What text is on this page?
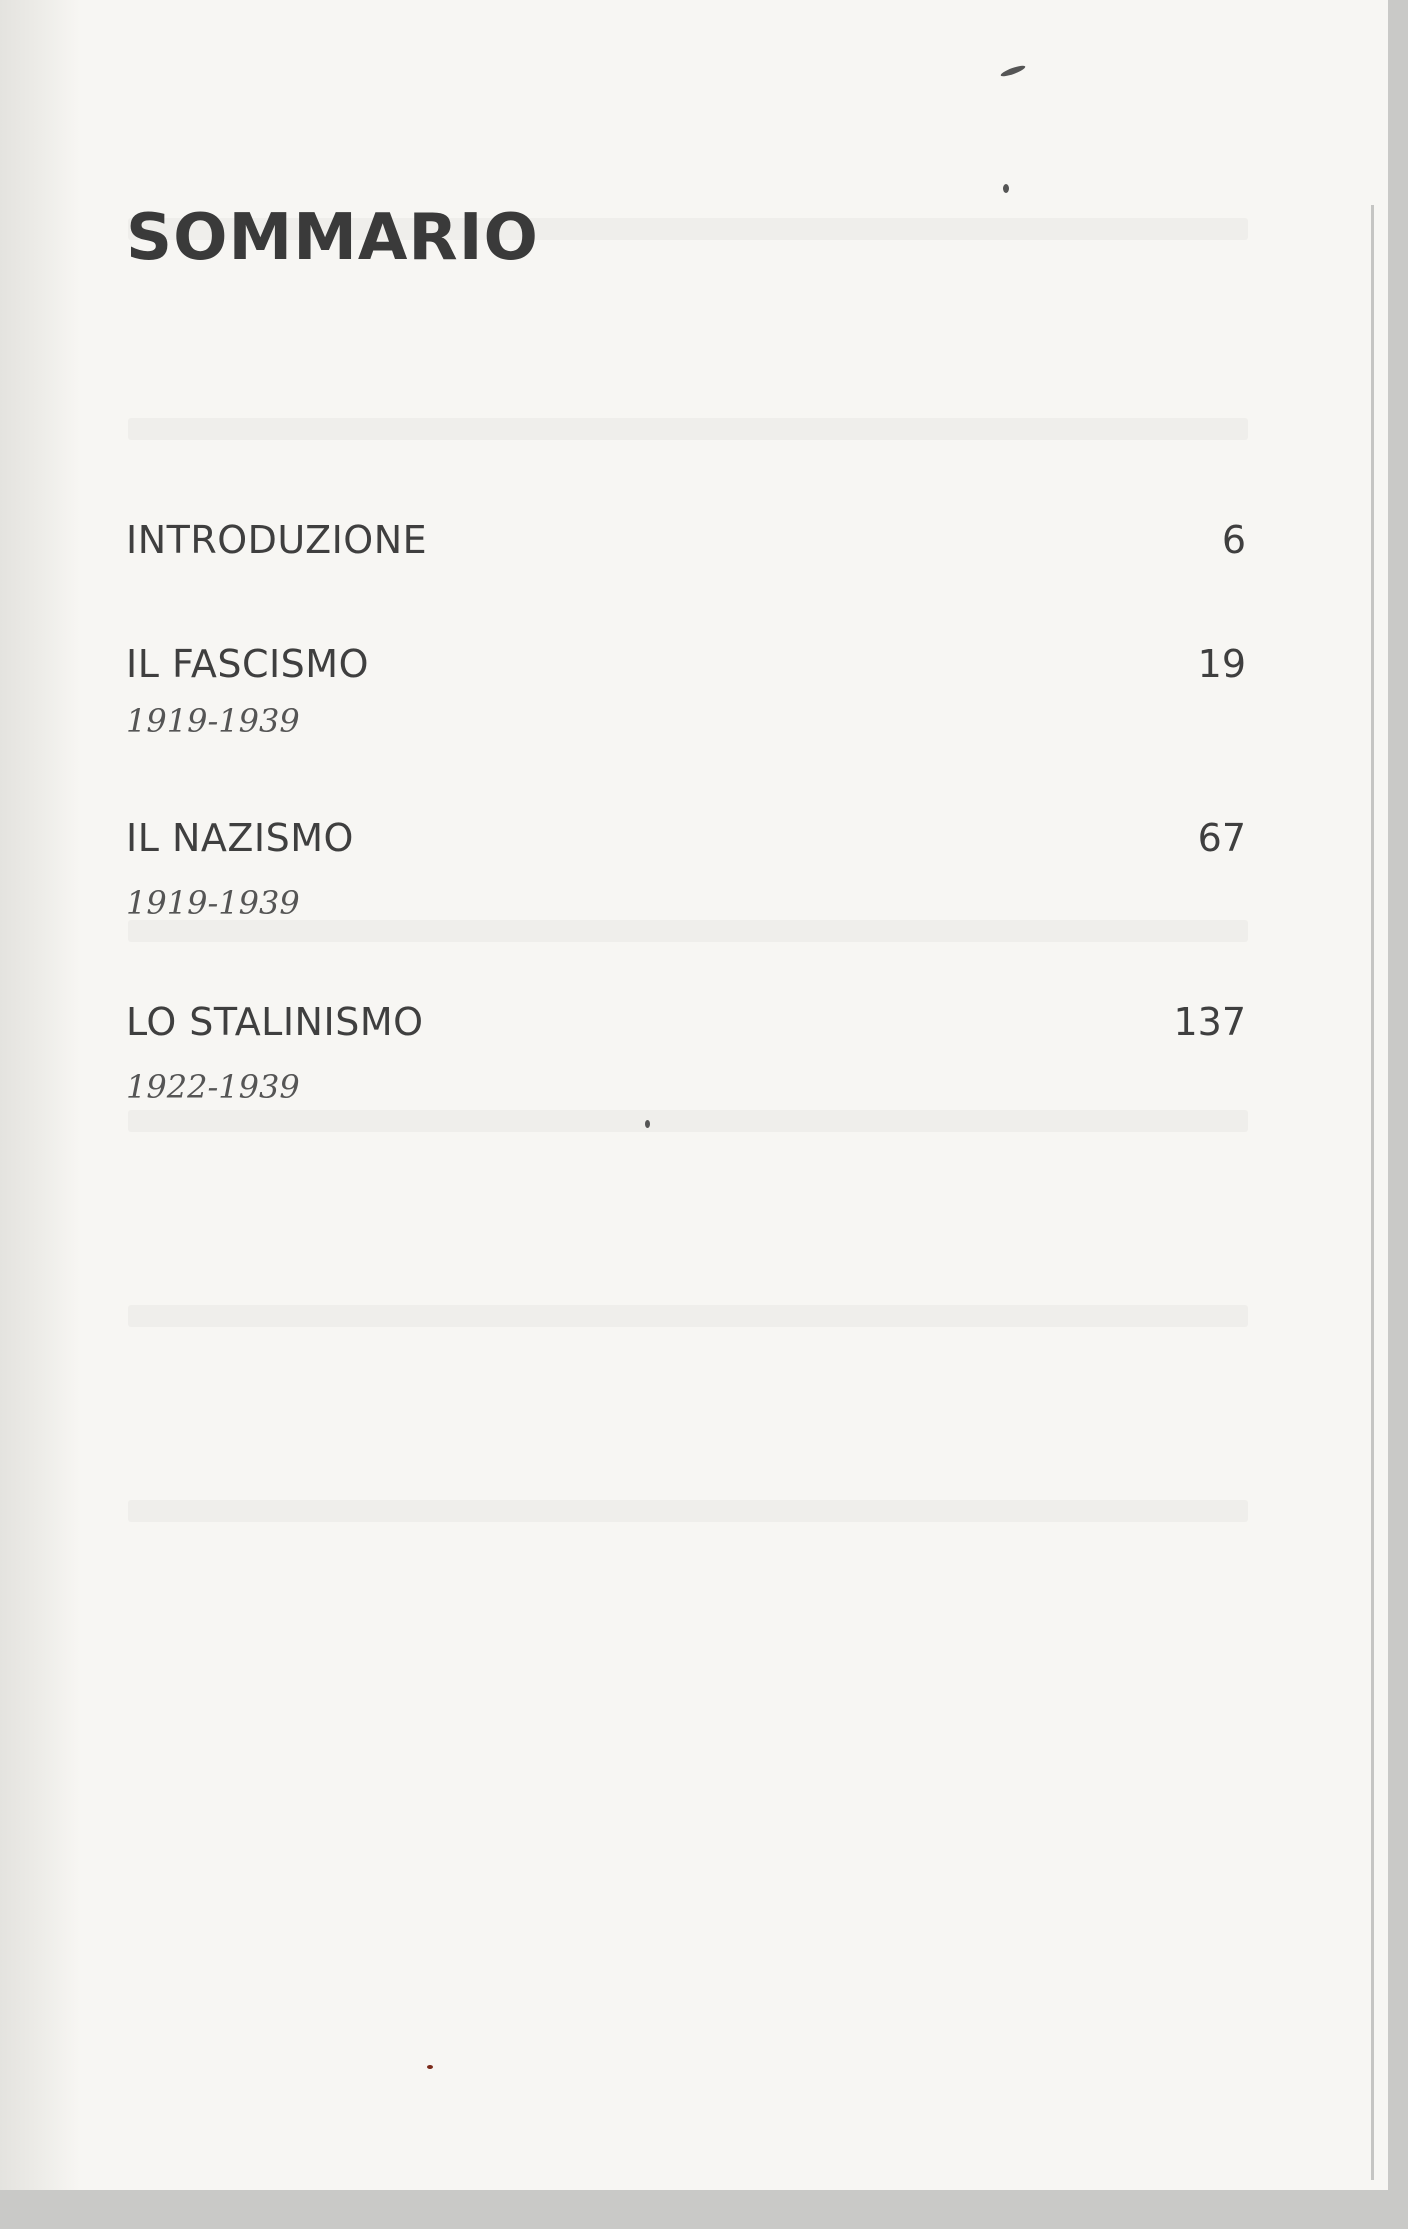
SOMMARIO
INTRODUZIONE	6
IL FASCISMO	19
1919-1939
IL NAZISMO	67
1919-1939
LO STALINISMO	137
1922-1939
